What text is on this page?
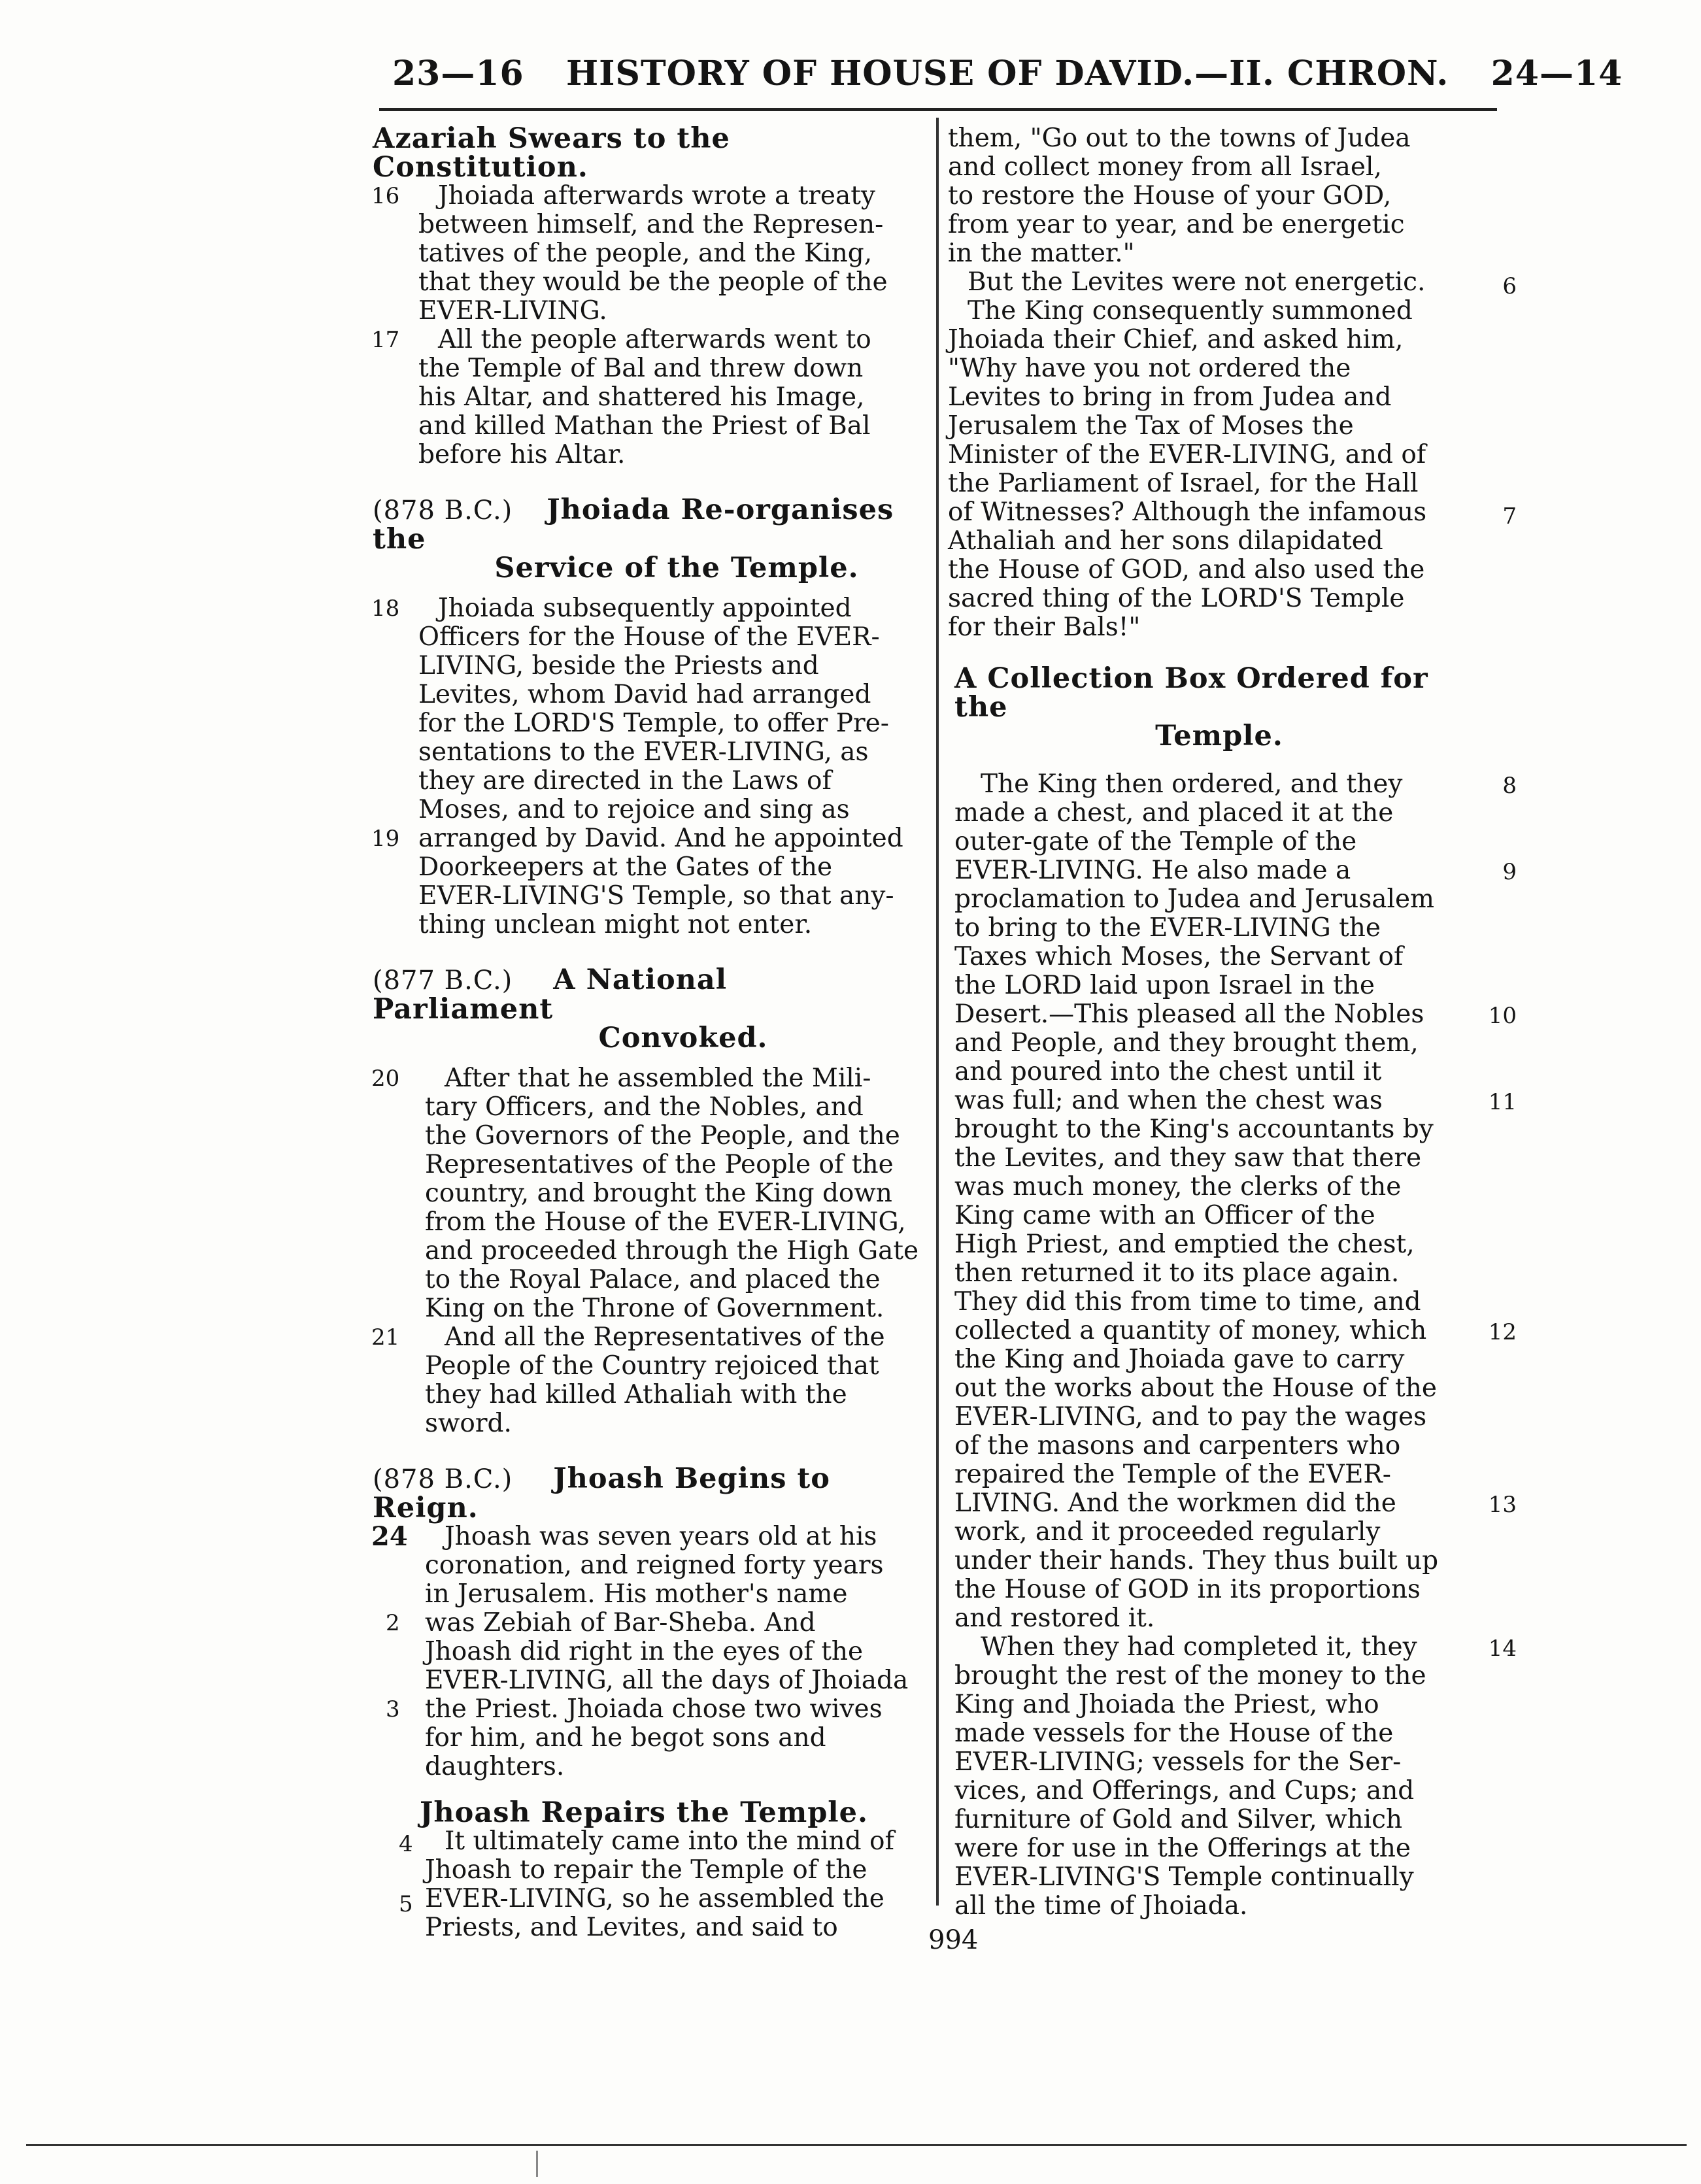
23—16 HISTORY OF HOUSE OF DAVID.—II. CHRON. 24—14
Azariah Swears to the Constitution.
16
17
Jhoiada afterwards wrote a treaty
between himself, and the Represen-
tatives of the people, and the King,
that they would be the people of the
EVER-LIVING.
All the people afterwards went to
the Temple of Bal and threw down
his Altar, and shattered his Image,
and killed Mathan the Priest of Bal
before his Altar.
(878 B.C.) Jhoiada Re-organises the
Service of the Temple.
18
19
Jhoiada subsequently appointed
Officers for the House of the EVER-
LIVING, beside the Priests and
Levites, whom David had arranged
for the LORD'S Temple, to offer Pre-
sentations to the EVER-LIVING, as
they are directed in the Laws of
Moses, and to rejoice and sing as
arranged by David. And he appointed
Doorkeepers at the Gates of the
EVER-LIVING'S Temple, so that any-
thing unclean might not enter.
(877 B.C.) A National Parliament
Convoked.
20
21
After that he assembled the Mili-
tary Officers, and the Nobles, and
the Governors of the People, and the
Representatives of the People of the
country, and brought the King down
from the House of the EVER-LIVING,
and proceeded through the High Gate
to the Royal Palace, and placed the
King on the Throne of Government.
And all the Representatives of the
People of the Country rejoiced that
they had killed Athaliah with the
sword.
(878 B.C.) Jhoash Begins to Reign.
24
2
3
Jhoash was seven years old at his
coronation, and reigned forty years
in Jerusalem. His mother's name
was Zebiah of Bar-Sheba. And
Jhoash did right in the eyes of the
EVER-LIVING, all the days of Jhoiada
the Priest. Jhoiada chose two wives
for him, and he begot sons and
daughters.
Jhoash Repairs the Temple.
4
5
It ultimately came into the mind of
Jhoash to repair the Temple of the
EVER-LIVING, so he assembled the
Priests, and Levites, and said to
6
7
them, "Go out to the towns of Judea
and collect money from all Israel,
to restore the House of your GOD,
from year to year, and be energetic
in the matter."
But the Levites were not energetic.
The King consequently summoned
Jhoiada their Chief, and asked him,
"Why have you not ordered the
Levites to bring in from Judea and
Jerusalem the Tax of Moses the
Minister of the EVER-LIVING, and of
the Parliament of Israel, for the Hall
of Witnesses? Although the infamous
Athaliah and her sons dilapidated
the House of GOD, and also used the
sacred thing of the LORD'S Temple
for their Bals!"
A Collection Box Ordered for the
Temple.
8
9
10
11
12
13
14
The King then ordered, and they
made a chest, and placed it at the
outer-gate of the Temple of the
EVER-LIVING. He also made a
proclamation to Judea and Jerusalem
to bring to the EVER-LIVING the
Taxes which Moses, the Servant of
the LORD laid upon Israel in the
Desert.—This pleased all the Nobles
and People, and they brought them,
and poured into the chest until it
was full; and when the chest was
brought to the King's accountants by
the Levites, and they saw that there
was much money, the clerks of the
King came with an Officer of the
High Priest, and emptied the chest,
then returned it to its place again.
They did this from time to time, and
collected a quantity of money, which
the King and Jhoiada gave to carry
out the works about the House of the
EVER-LIVING, and to pay the wages
of the masons and carpenters who
repaired the Temple of the EVER-
LIVING. And the workmen did the
work, and it proceeded regularly
under their hands. They thus built up
the House of GOD in its proportions
and restored it.
When they had completed it, they
brought the rest of the money to the
King and Jhoiada the Priest, who
made vessels for the House of the
EVER-LIVING; vessels for the Ser-
vices, and Offerings, and Cups; and
furniture of Gold and Silver, which
were for use in the Offerings at the
EVER-LIVING'S Temple continually
all the time of Jhoiada.
994
